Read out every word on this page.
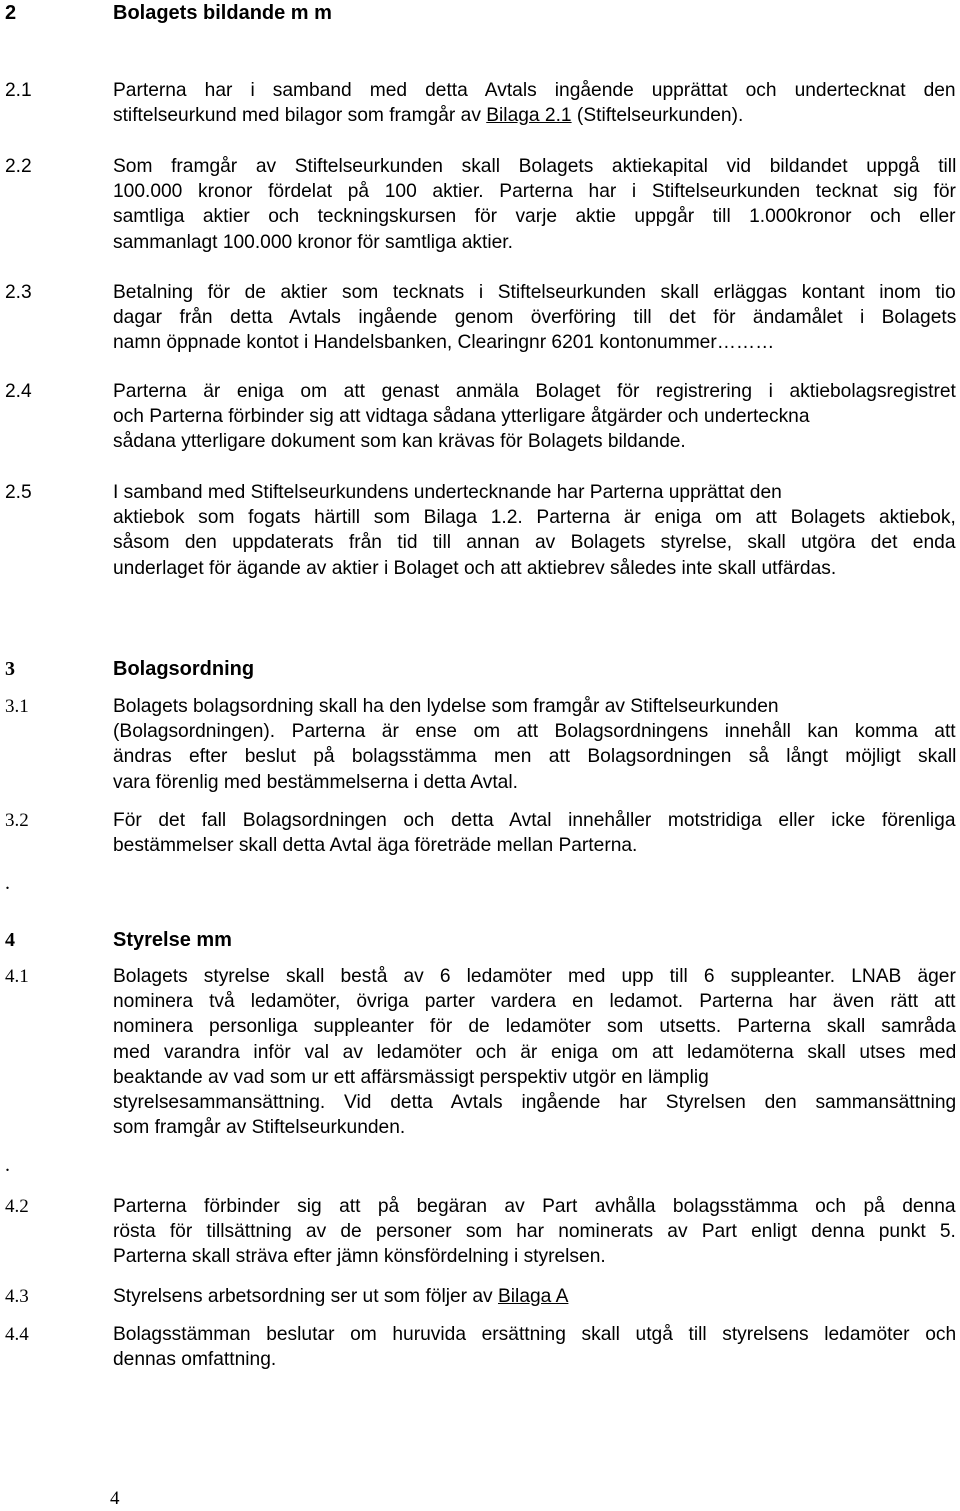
2	Bolagets bildande m m
2.1	Parterna har i samband med detta Avtals ingående upprättat och undertecknat den
stiftelseurkund med bilagor som framgår av Bilaga 2.1 (Stiftelseurkunden).
2.2	Som framgår av Stiftelseurkunden skall Bolagets aktiekapital vid bildandet uppgå till
100.000 kronor fördelat på 100 aktier. Parterna har i Stiftelseurkunden tecknat sig för
samtliga aktier och teckningskursen för varje aktie uppgår till 1.000kronor och eller
sammanlagt 100.000 kronor för samtliga aktier.
2.3	Betalning för de aktier som tecknats i Stiftelseurkunden skall erläggas kontant inom tio
dagar från detta Avtals ingående genom överföring till det för ändamålet i Bolagets
namn öppnade kontot i Handelsbanken, Clearingnr 6201 kontonummer………
2.4	Parterna är eniga om att genast anmäla Bolaget för registrering i aktiebolagsregistret
och Parterna förbinder sig att vidtaga sådana ytterligare åtgärder och underteckna
sådana ytterligare dokument som kan krävas för Bolagets bildande.
2.5	I samband med Stiftelseurkundens undertecknande har Parterna upprättat den
aktiebok som fogats härtill som Bilaga 1.2. Parterna är eniga om att Bolagets aktiebok,
såsom den uppdaterats från tid till annan av Bolagets styrelse, skall utgöra det enda
underlaget för ägande av aktier i Bolaget och att aktiebrev således inte skall utfärdas.
3	Bolagsordning
3.1	Bolagets bolagsordning skall ha den lydelse som framgår av Stiftelseurkunden
(Bolagsordningen). Parterna är ense om att Bolagsordningens innehåll kan komma att
ändras efter beslut på bolagsstämma men att Bolagsordningen så långt möjligt skall
vara förenlig med bestämmelserna i detta Avtal.
3.2	För det fall Bolagsordningen och detta Avtal innehåller motstridiga eller icke förenliga
bestämmelser skall detta Avtal äga företräde mellan Parterna.
.
4	Styrelse mm
4.1	Bolagets styrelse skall bestå av 6 ledamöter med upp till 6 suppleanter. LNAB äger
nominera två ledamöter, övriga parter vardera en ledamot. Parterna har även rätt att
nominera personliga suppleanter för de ledamöter som utsetts. Parterna skall samråda
med varandra inför val av ledamöter och är eniga om att ledamöterna skall utses med
beaktande av vad som ur ett affärsmässigt perspektiv utgör en lämplig
styrelsesammansättning. Vid detta Avtals ingående har Styrelsen den sammansättning
som framgår av Stiftelseurkunden.
.
4.2	Parterna förbinder sig att på begäran av Part avhålla bolagsstämma och på denna
rösta för tillsättning av de personer som har nominerats av Part enligt denna punkt 5.
Parterna skall sträva efter jämn könsfördelning i styrelsen.
4.3	Styrelsens arbetsordning ser ut som följer av Bilaga A
4.4	Bolagsstämman beslutar om huruvida ersättning skall utgå till styrelsens ledamöter och
dennas omfattning.
4
